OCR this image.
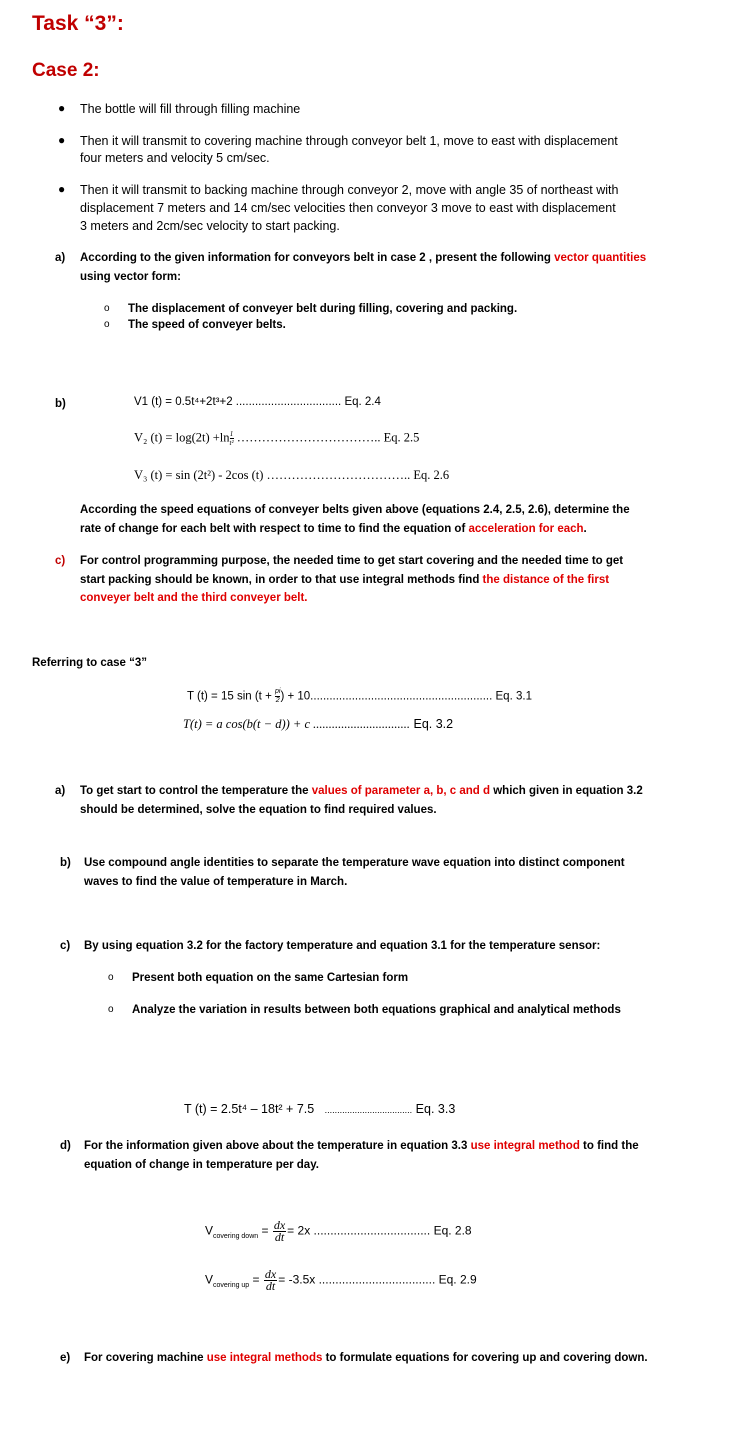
Task “3”:
Case 2:
● The bottle will fill through filling machine
● Then it will transmit to covering machine through conveyor belt 1, move to east with displacement
four meters and velocity 5 cm/sec.
● Then it will transmit to backing machine through conveyor 2, move with angle 35 of northeast with
displacement 7 meters and 14 cm/sec velocities then conveyor 3 move to east with displacement
3 meters and 2cm/sec velocity to start packing.
a) According to the given information for conveyors belt in case 2 , present the following vector quantities
using vector form:
o The displacement of conveyer belt during filling, covering and packing.
o The speed of conveyer belts.
b)	V1 (t) = 0.5t⁴+2t³+2 ................................. Eq. 2.4
V₂ $(t) = \log(2t) +\ln \frac{1}{\text{t²}}$ …………………………….. Eq. 2.5
V₃ (t) = sin (2t²) - 2cos (t) …………………………….. Eq. 2.6
According the speed equations of conveyer belts given above (equations 2.4, 2.5, 2.6), determine the
rate of change for each belt with respect to time to find the equation of acceleration for each.
c) For control programming purpose, the needed time to get start covering and the needed time to get
start packing should be known, in order to that use integral methods find the distance of the first
conveyer belt and the third conveyer belt.
Referring to case “3”
T (t) = 15 $\sin (t + \frac{pi}{2}) + 10$......................................................... Eq. 3.1
T(t) = a cos(b(t − d)) + c ............................... Eq. 3.2
a) To get start to control the temperature the values of parameter a, b, c and d which given in equation 3.2
should be determined, solve the equation to find required values.
b) Use compound angle identities to separate the temperature wave equation into distinct component
waves to find the value of temperature in March.
c) By using equation 3.2 for the factory temperature and equation 3.1 for the temperature sensor:
o Present both equation on the same Cartesian form
o Analyze the variation in results between both equations graphical and analytical methods
T (t) = 2.5t⁴ – 18t² + 7.5 ................................... Eq. 3.3
d) For the information given above about the temperature in equation 3.3 use integral method to find the
equation of change in temperature per day.
$V_{covering down} = \frac{dx}{dt} = 2x$ ................................... Eq. 2.8
$V_{covering up} = \frac{dx}{dt} = -3.5x$ ................................... Eq. 2.9
e) For covering machine use integral methods to formulate equations for covering up and covering down.
